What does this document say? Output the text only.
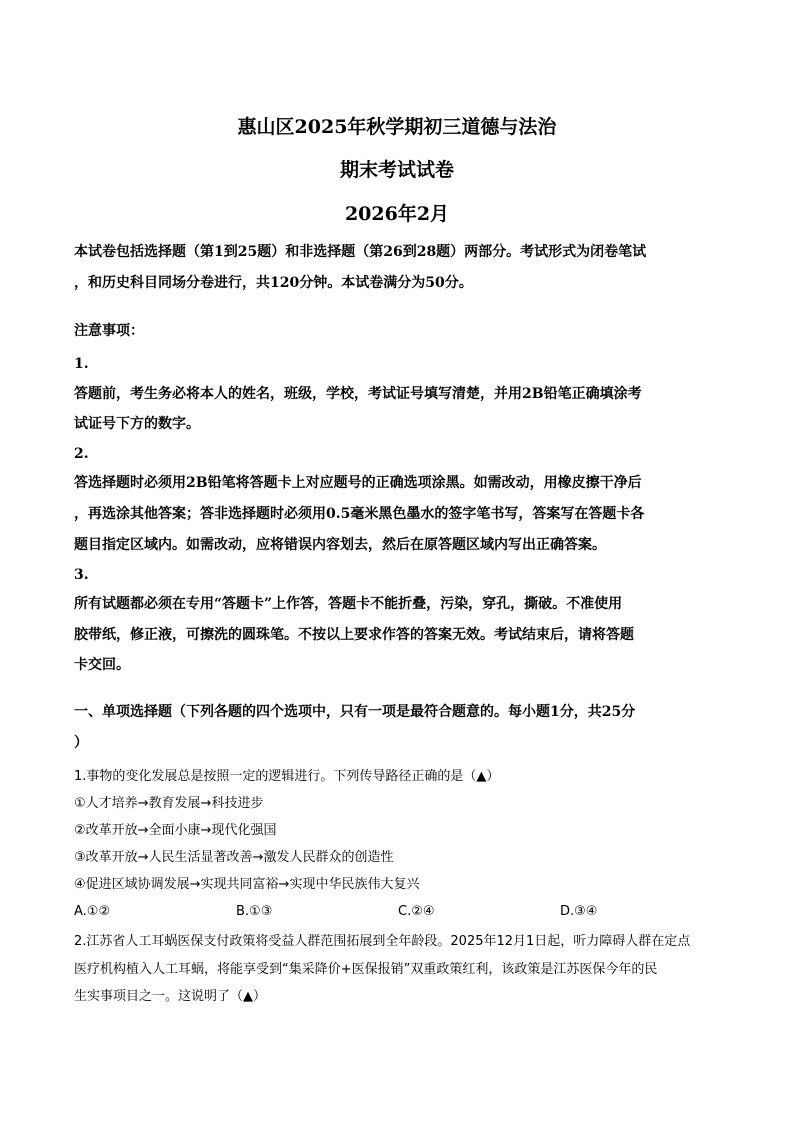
惠山区2025年秋学期初三道德与法治
期末考试试卷
2026年2月
本试卷包括选择题（第1到25题）和非选择题（第26到28题）两部分。考试形式为闭卷笔试
，和历史科目同场分卷进行，共120分钟。本试卷满分为50分。
注意事项：
1.
答题前，考生务必将本人的姓名，班级，学校，考试证号填写清楚，并用2B铅笔正确填涂考
试证号下方的数字。
2.
答选择题时必须用2B铅笔将答题卡上对应题号的正确选项涂黑。如需改动，用橡皮擦干净后
，再选涂其他答案；答非选择题时必须用0.5毫米黑色墨水的签字笔书写，答案写在答题卡各
题目指定区域内。如需改动，应将错误内容划去，然后在原答题区域内写出正确答案。
3.
所有试题都必须在专用“答题卡”上作答，答题卡不能折叠，污染，穿孔，撕破。不准使用
胶带纸，修正液，可擦洗的圆珠笔。不按以上要求作答的答案无效。考试结束后，请将答题
卡交回。
一、单项选择题（下列各题的四个选项中，只有一项是最符合题意的。每小题1分，共25分
）
1.事物的变化发展总是按照一定的逻辑进行。下列传导路径正确的是（▲）
①人才培养→教育发展→科技进步
②改革开放→全面小康→现代化强国
③改革开放→人民生活显著改善→激发人民群众的创造性
④促进区域协调发展→实现共同富裕→实现中华民族伟大复兴
A.①②	B.①③	C.②④	D.③④
2.江苏省人工耳蜗医保支付政策将受益人群范围拓展到全年龄段。2025年12月1日起，听力障碍人群在定点
医疗机构植入人工耳蜗，将能享受到“集采降价+医保报销”双重政策红利，该政策是江苏医保今年的民
生实事项目之一。这说明了（▲）
